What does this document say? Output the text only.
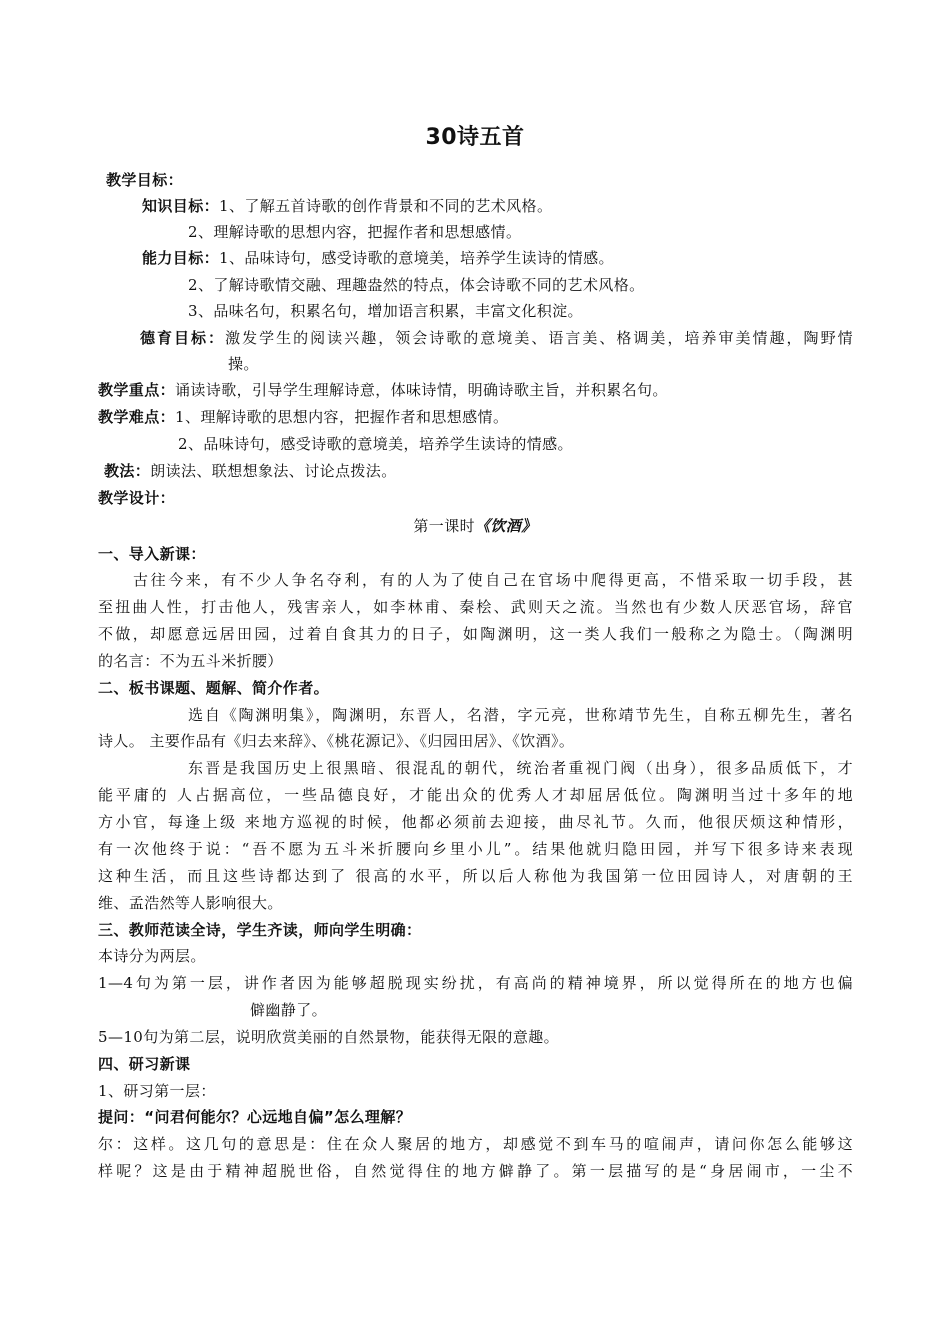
30诗五首
教学目标：
知识目标：1、了解五首诗歌的创作背景和不同的艺术风格。
2、理解诗歌的思想内容，把握作者和思想感情。
能力目标：1、品味诗句，感受诗歌的意境美，培养学生读诗的情感。
2、了解诗歌情交融、理趣盎然的特点，体会诗歌不同的艺术风格。
3、品味名句，积累名句，增加语言积累，丰富文化积淀。
德育目标：激发学生的阅读兴趣，领会诗歌的意境美、语言美、格调美，培养审美情趣，陶野情
操。
教学重点：诵读诗歌，引导学生理解诗意，体味诗情，明确诗歌主旨，并积累名句。
教学难点：1、理解诗歌的思想内容，把握作者和思想感情。
2、品味诗句，感受诗歌的意境美，培养学生读诗的情感。
教法：朗读法、联想想象法、讨论点拨法。
教学设计：
第一课时《饮酒》
一、导入新课：
古往今来，有不少人争名夺利，有的人为了使自己在官场中爬得更高，不惜采取一切手段，甚
至扭曲人性，打击他人，残害亲人，如李林甫、秦桧、武则天之流。当然也有少数人厌恶官场，辞官
不做，却愿意远居田园，过着自食其力的日子，如陶渊明，这一类人我们一般称之为隐士。（陶渊明
的名言：不为五斗米折腰）
二、板书课题、题解、简介作者。
选自《陶渊明集》，陶渊明，东晋人，名潜，字元亮，世称靖节先生，自称五柳先生，著名
诗人。 主要作品有《归去来辞》、《桃花源记》、《归园田居》、《饮酒》。
东晋是我国历史上很黑暗、很混乱的朝代，统治者重视门阀（出身），很多品质低下，才
能平庸的 人占据高位，一些品德良好，才能出众的优秀人才却屈居低位。陶渊明当过十多年的地
方小官，每逢上级 来地方巡视的时候，他都必须前去迎接，曲尽礼节。久而，他很厌烦这种情形，
有一次他终于说：“吾不愿为五斗米折腰向乡里小儿”。结果他就归隐田园，并写下很多诗来表现
这种生活，而且这些诗都达到了 很高的水平，所以后人称他为我国第一位田园诗人，对唐朝的王
维、孟浩然等人影响很大。
三、教师范读全诗，学生齐读，师向学生明确：
本诗分为两层。
1—4句为第一层，讲作者因为能够超脱现实纷扰，有高尚的精神境界，所以觉得所在的地方也偏
僻幽静了。
5—10句为第二层，说明欣赏美丽的自然景物，能获得无限的意趣。
四、研习新课
1、研习第一层：
提问：“问君何能尔？心远地自偏”怎么理解？
尔：这样。这几句的意思是：住在众人聚居的地方，却感觉不到车马的喧闹声，请问你怎么能够这
样呢？这是由于精神超脱世俗，自然觉得住的地方僻静了。第一层描写的是“身居闹市，一尘不
